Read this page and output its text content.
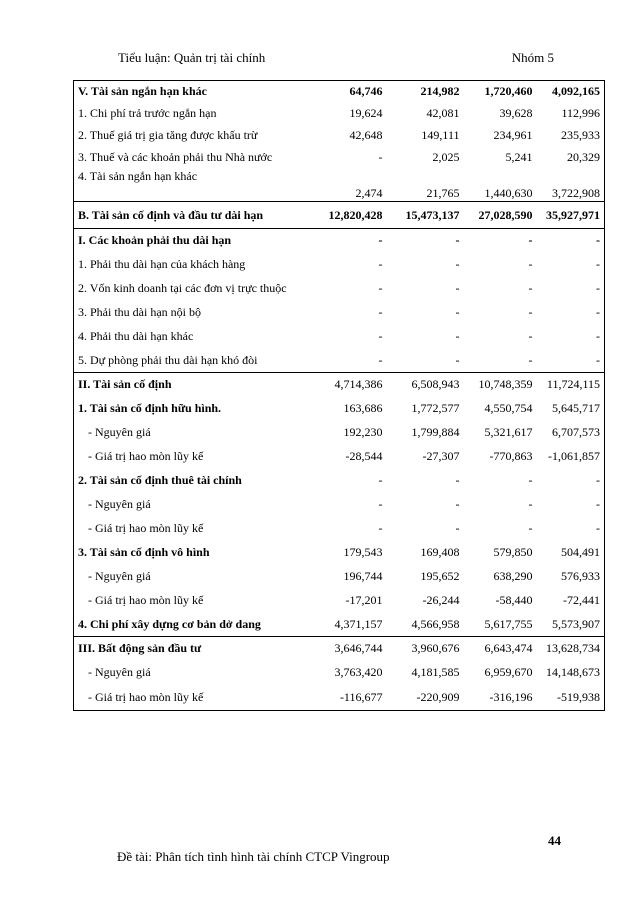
Tiểu luận: Quản trị tài chính	Nhóm 5
V. Tài sản ngắn hạn khác	64,746	214,982	1,720,460	4,092,165
1. Chi phí trả trước ngắn hạn	19,624	42,081	39,628	112,996
2. Thuế giá trị gia tăng được khấu trừ	42,648	149,111	234,961	235,933
3. Thuế và các khoản phải thu Nhà nước	-	2,025	5,241	20,329
4. Tài sản ngắn hạn khác	2,474	21,765	1,440,630	3,722,908
B. Tài sản cố định và đầu tư dài hạn	12,820,428	15,473,137	27,028,590	35,927,971
I. Các khoản phải thu dài hạn	-	-	-	-
1. Phải thu dài hạn của khách hàng	-	-	-	-
2. Vốn kinh doanh tại các đơn vị trực thuộc	-	-	-	-
3. Phải thu dài hạn nội bộ	-	-	-	-
4. Phải thu dài hạn khác	-	-	-	-
5. Dự phòng phải thu dài hạn khó đòi	-	-	-	-
II. Tài sản cố định	4,714,386	6,508,943	10,748,359	11,724,115
1. Tài sản cố định hữu hình.	163,686	1,772,577	4,550,754	5,645,717
- Nguyên giá	192,230	1,799,884	5,321,617	6,707,573
- Giá trị hao mòn lũy kế	-28,544	-27,307	-770,863	-1,061,857
2. Tài sản cố định thuê tài chính	-	-	-	-
- Nguyên giá	-	-	-	-
- Giá trị hao mòn lũy kế	-	-	-	-
3. Tài sản cố định vô hình	179,543	169,408	579,850	504,491
- Nguyên giá	196,744	195,652	638,290	576,933
- Giá trị hao mòn lũy kế	-17,201	-26,244	-58,440	-72,441
4. Chi phí xây dựng cơ bản dở dang	4,371,157	4,566,958	5,617,755	5,573,907
III. Bất động sản đầu tư	3,646,744	3,960,676	6,643,474	13,628,734
- Nguyên giá	3,763,420	4,181,585	6,959,670	14,148,673
- Giá trị hao mòn lũy kế	-116,677	-220,909	-316,196	-519,938
44
Đề tài: Phân tích tình hình tài chính CTCP Vingroup
